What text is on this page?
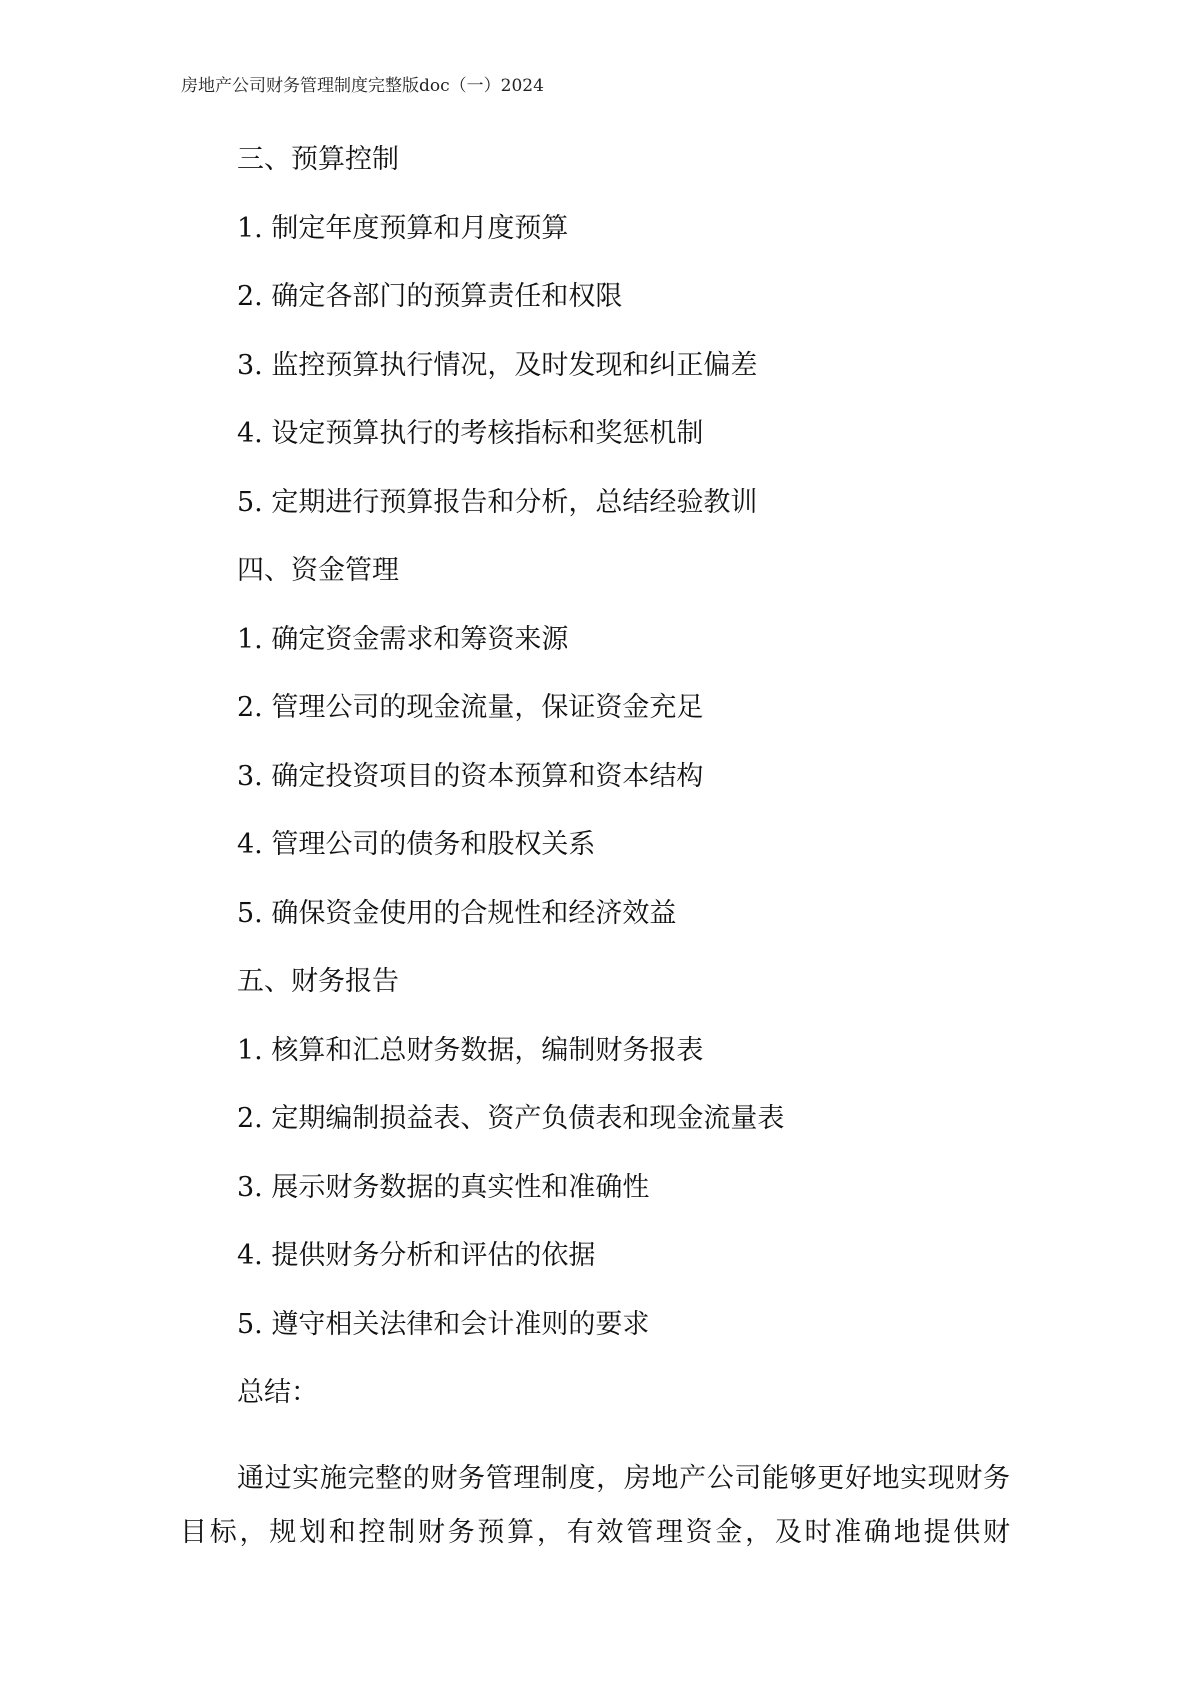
房地产公司财务管理制度完整版doc（一）2024
三、预算控制
1. 制定年度预算和月度预算
2. 确定各部门的预算责任和权限
3. 监控预算执行情况，及时发现和纠正偏差
4. 设定预算执行的考核指标和奖惩机制
5. 定期进行预算报告和分析，总结经验教训
四、资金管理
1. 确定资金需求和筹资来源
2. 管理公司的现金流量，保证资金充足
3. 确定投资项目的资本预算和资本结构
4. 管理公司的债务和股权关系
5. 确保资金使用的合规性和经济效益
五、财务报告
1. 核算和汇总财务数据，编制财务报表
2. 定期编制损益表、资产负债表和现金流量表
3. 展示财务数据的真实性和准确性
4. 提供财务分析和评估的依据
5. 遵守相关法律和会计准则的要求
总结：
通过实施完整的财务管理制度，房地产公司能够更好地实现财务目标，规划和控制财务预算，有效管理资金，及时准确地提供财
